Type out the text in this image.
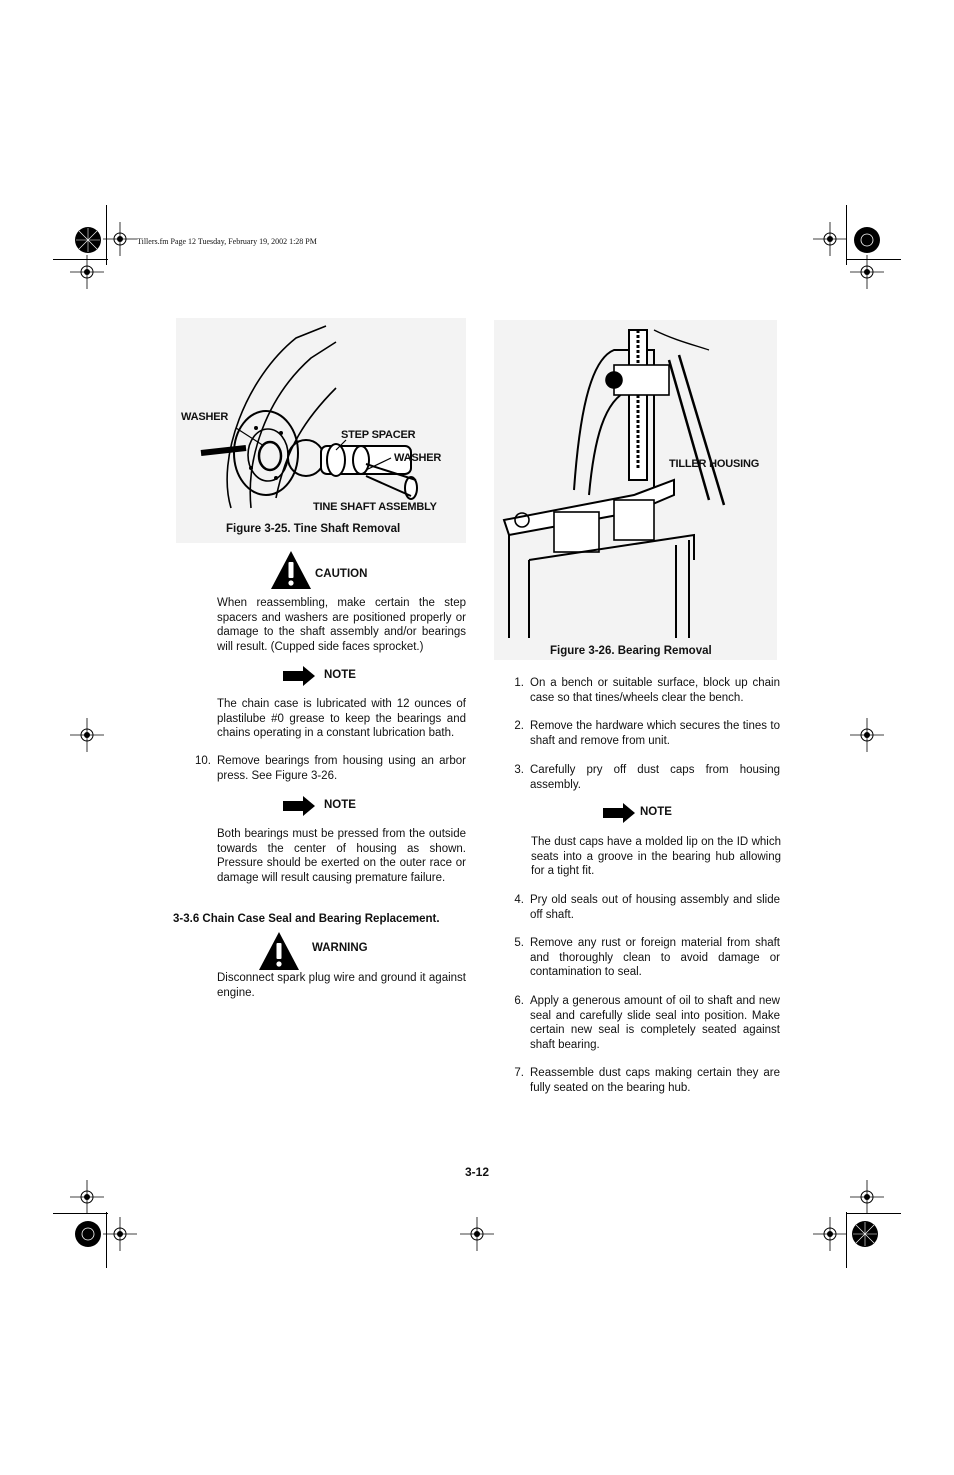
Tillers.fm Page 12 Tuesday, February 19, 2002 1:28 PM
WASHER
STEP SPACER
WASHER
TINE SHAFT ASSEMBLY
Figure 3-25. Tine Shaft Removal
CAUTION
When reassembling, make certain the step spacers and washers are positioned properly or damage to the shaft assembly and/or bearings will result. (Cupped side faces sprocket.)
NOTE
The chain case is lubricated with 12 ounces of plastilube #0 grease to keep the bearings and chains operating in a constant lubrication bath.
10. Remove bearings from housing using an arbor press. See Figure 3-26.
NOTE
Both bearings must be pressed from the outside towards the center of housing as shown. Pressure should be exerted on the outer race or damage will result causing premature failure.
3-3.6 Chain Case Seal and Bearing Replacement.
WARNING
Disconnect spark plug wire and ground it against engine.
TILLER HOUSING
Figure 3-26. Bearing Removal
1. On a bench or suitable surface, block up chain case so that tines/wheels clear the bench.
2. Remove the hardware which secures the tines to shaft and remove from unit.
3. Carefully pry off dust caps from housing assembly.
NOTE
The dust caps have a molded lip on the ID which seats into a groove in the bearing hub allowing for a tight fit.
4. Pry old seals out of housing assembly and slide off shaft.
5. Remove any rust or foreign material from shaft and thoroughly clean to avoid damage or contamination to seal.
6. Apply a generous amount of oil to shaft and new seal and carefully slide seal into position. Make certain new seal is completely seated against shaft bearing.
7. Reassemble dust caps making certain they are fully seated on the bearing hub.
3-12
